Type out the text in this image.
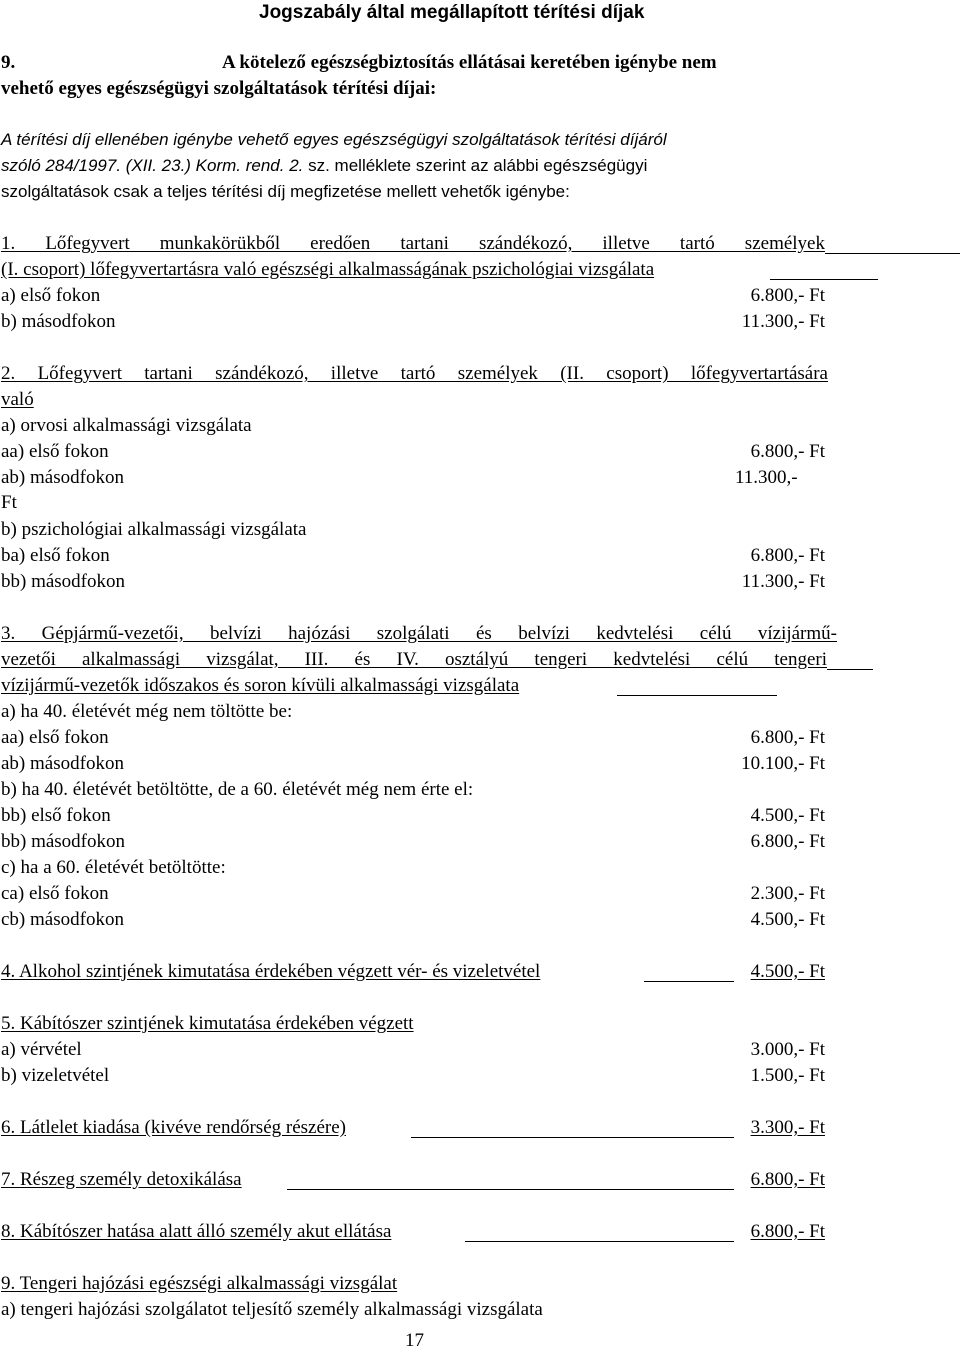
Jogszabály által megállapított térítési díjak
9.	A kötelező egészségbiztosítás ellátásai keretében igénybe nem
vehető egyes egészségügyi szolgáltatások térítési díjai:
A térítési díj ellenében igénybe vehető egyes egészségügyi szolgáltatások térítési díjáról
szóló 284/1997. (XII. 23.) Korm. rend. 2. sz. melléklete szerint az alábbi egészségügyi
szolgáltatások csak a teljes térítési díj megfizetése mellett vehetők igénybe:
1. Lőfegyvert munkakörükből eredően tartani szándékozó, illetve tartó személyek
(I. csoport) lőfegyvertartásra való egészségi alkalmasságának pszichológiai vizsgálata
a) első fokon	6.800,- Ft
b) másodfokon	11.300,- Ft
2. Lőfegyvert tartani szándékozó, illetve tartó személyek (II. csoport) lőfegyvertartására
való
a) orvosi alkalmassági vizsgálata
aa) első fokon	6.800,- Ft
ab) másodfokon	11.300,-
Ft
b) pszichológiai alkalmassági vizsgálata
ba) első fokon	6.800,- Ft
bb) másodfokon	11.300,- Ft
3. Gépjármű-vezetői, belvízi hajózási szolgálati és belvízi kedvtelési célú vízijármű-
vezetői alkalmassági vizsgálat, III. és IV. osztályú tengeri kedvtelési célú tengeri
vízijármű-vezetők időszakos és soron kívüli alkalmassági vizsgálata
a) ha 40. életévét még nem töltötte be:
aa) első fokon	6.800,- Ft
ab) másodfokon	10.100,- Ft
b) ha 40. életévét betöltötte, de a 60. életévét még nem érte el:
bb) első fokon	4.500,- Ft
bb) másodfokon	6.800,- Ft
c) ha a 60. életévét betöltötte:
ca) első fokon	2.300,- Ft
cb) másodfokon	4.500,- Ft
4. Alkohol szintjének kimutatása érdekében végzett vér- és vizeletvétel	4.500,- Ft
5. Kábítószer szintjének kimutatása érdekében végzett
a) vérvétel	3.000,- Ft
b) vizeletvétel	1.500,- Ft
6. Látlelet kiadása (kivéve rendőrség részére)	3.300,- Ft
7. Részeg személy detoxikálása	6.800,- Ft
8. Kábítószer hatása alatt álló személy akut ellátása	6.800,- Ft
9. Tengeri hajózási egészségi alkalmassági vizsgálat
a) tengeri hajózási szolgálatot teljesítő személy alkalmassági vizsgálata
17
